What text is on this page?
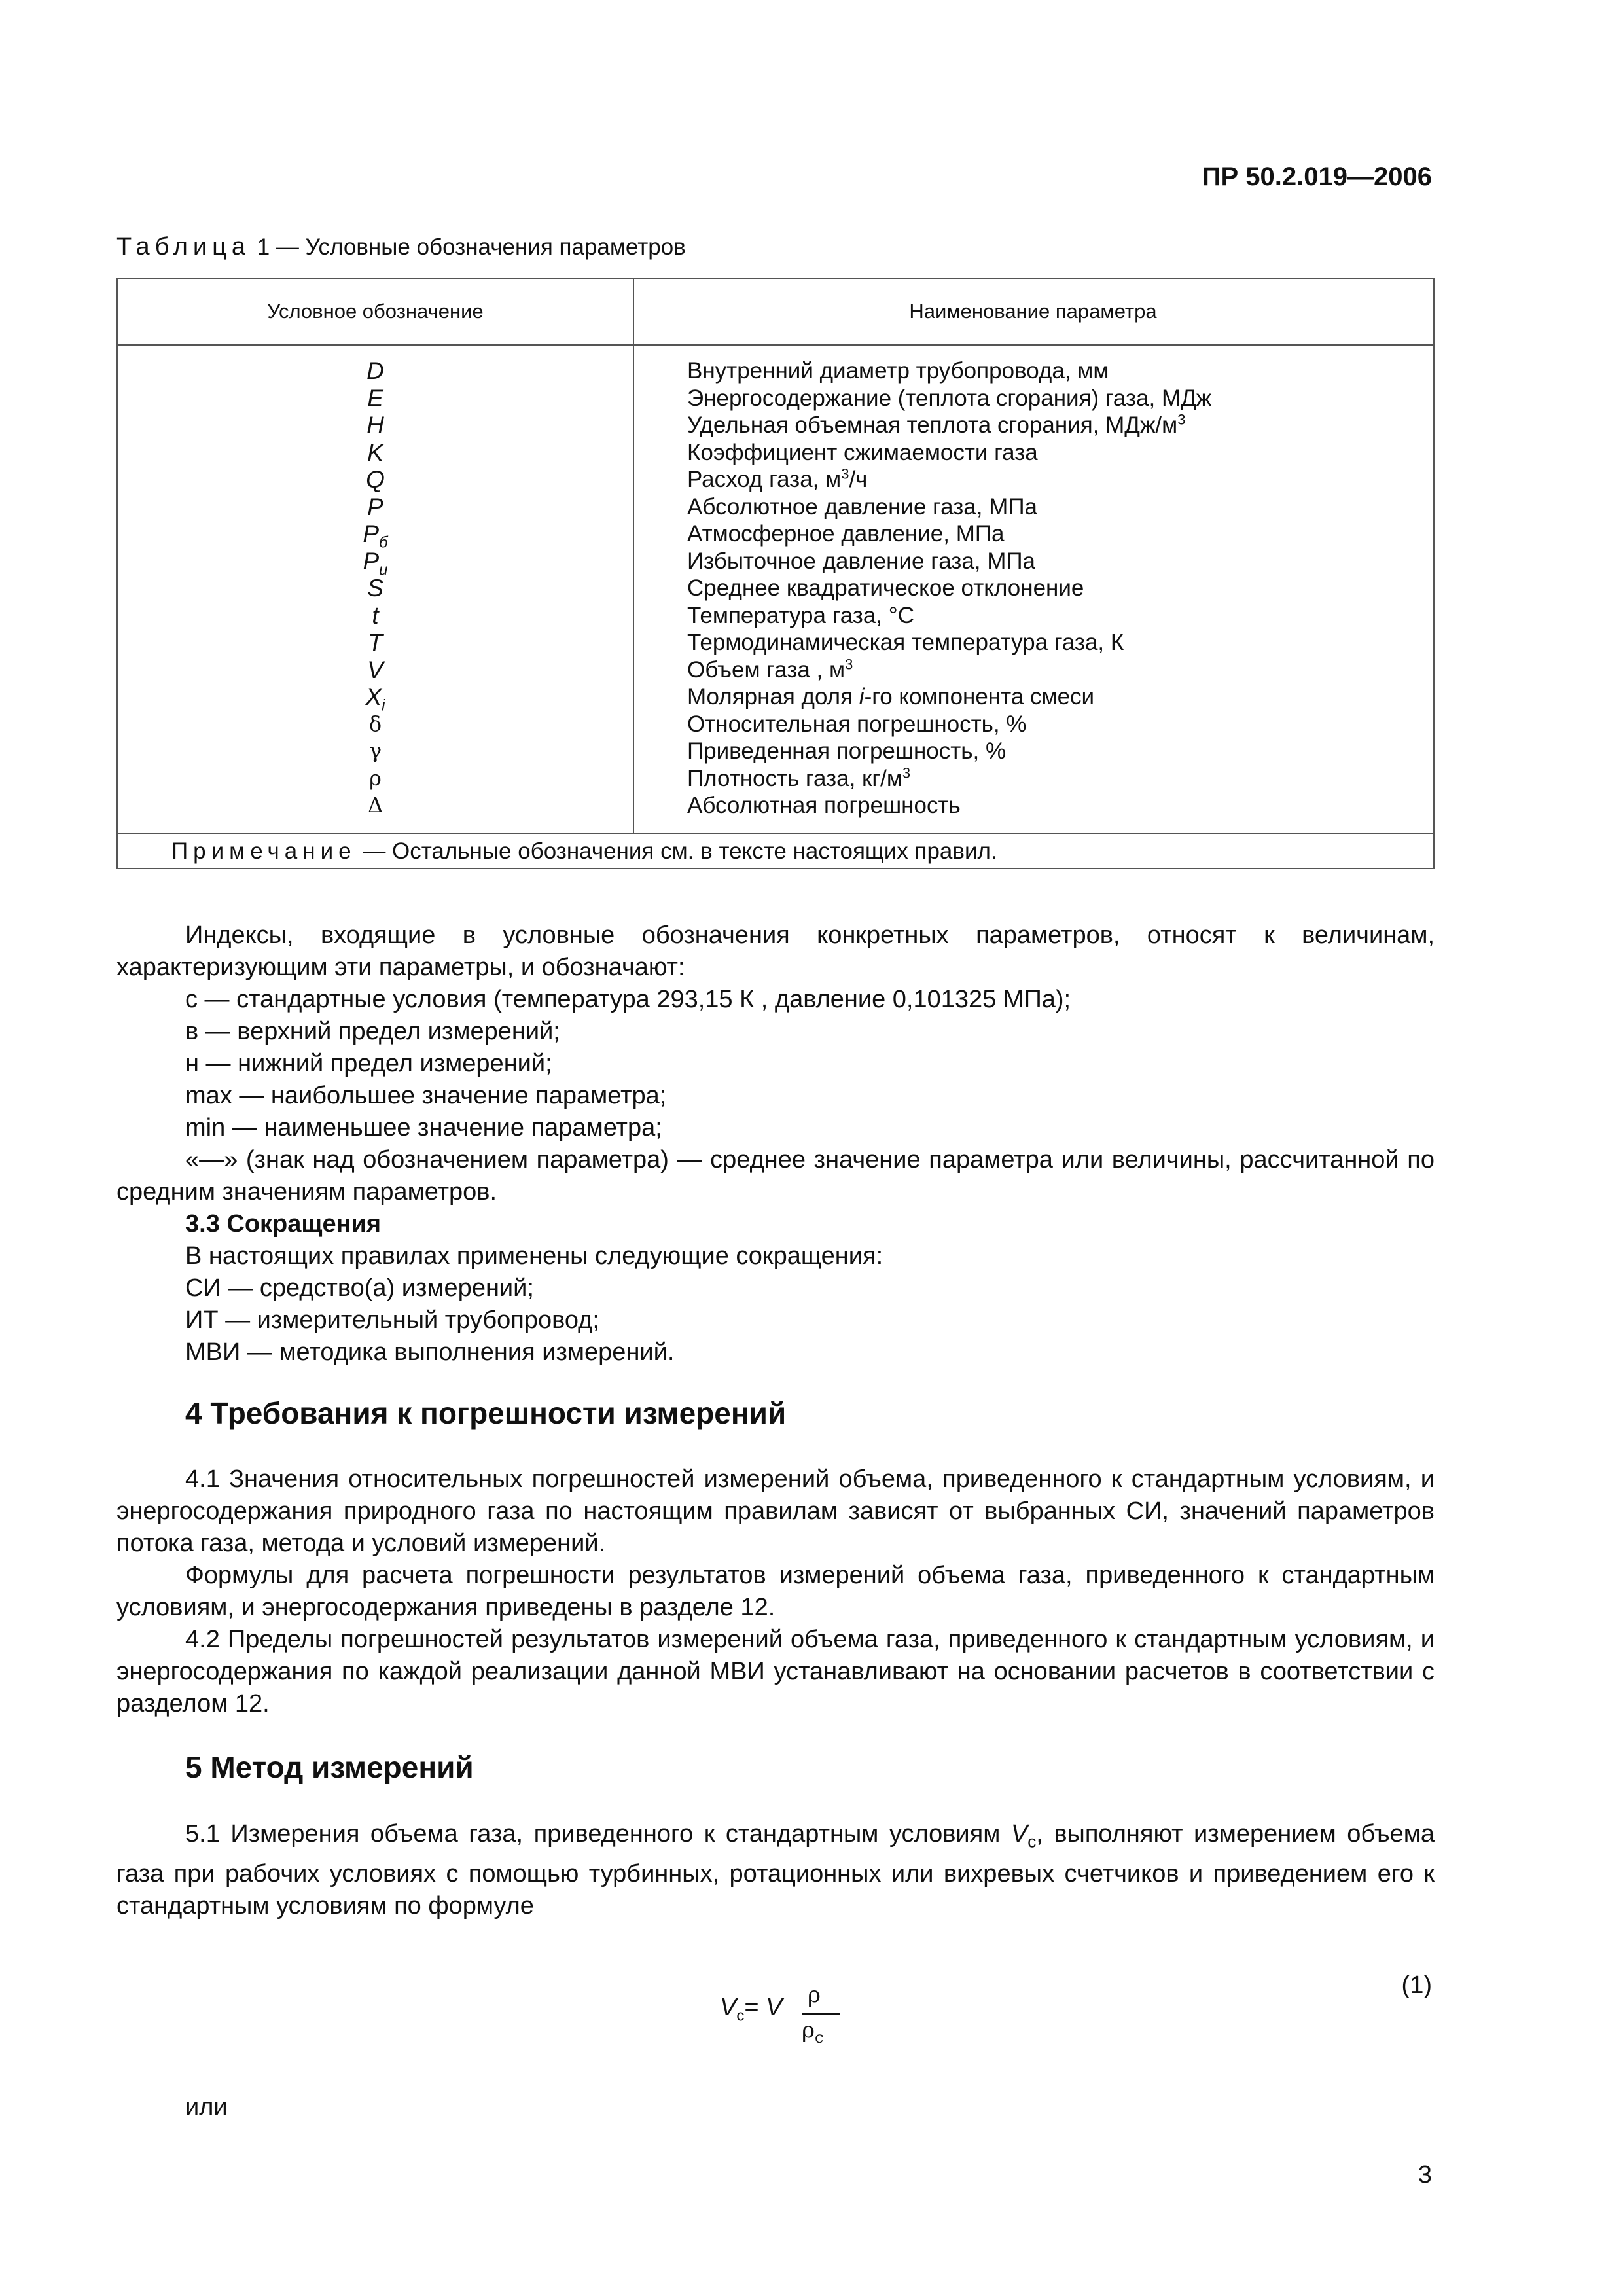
ПР 50.2.019—2006
Таблица 1 — Условные обозначения параметров
Условное обозначение	Наименование параметра
D	Внутренний диаметр трубопровода, мм
E	Энергосодержание (теплота сгорания) газа, МДж
H	Удельная объемная теплота сгорания, МДж/$м^3$
K	Коэффициент сжимаемости газа
Q	Расход газа, $м^3/ч$
P	Абсолютное давление газа, МПа
$P_б$	Атмосферное давление, МПа
$P_и$	Избыточное давление газа, МПа
S	Среднее квадратическое отклонение
t	Температура газа, °С
T	Термодинамическая температура газа, К
V	Объем газа , $м^3$
$X_i$	Молярная доля i-го компонента смеси
δ	Относительная погрешность, %
γ	Приведенная погрешность, %
ρ	Плотность газа, $кг/м^3$
Δ	Абсолютная погрешность
Примечание — Остальные обозначения см. в тексте настоящих правил.
Индексы, входящие в условные обозначения конкретных параметров, относят к величинам, характеризующим эти параметры, и обозначают:
с — стандартные условия (температура 293,15 К , давление 0,101325 МПа);
в — верхний предел измерений;
н — нижний предел измерений;
max — наибольшее значение параметра;
min — наименьшее значение параметра;
«—» (знак над обозначением параметра) — среднее значение параметра или величины, рассчитанной по средним значениям параметров.
3.3 Сокращения
В настоящих правилах применены следующие сокращения:
СИ — средство(а) измерений;
ИТ — измерительный трубопровод;
МВИ — методика выполнения измерений.
4 Требования к погрешности измерений
4.1 Значения относительных погрешностей измерений объема, приведенного к стандартным условиям, и энергосодержания природного газа по настоящим правилам зависят от выбранных СИ, значений параметров потока газа, метода и условий измерений.
Формулы для расчета погрешности результатов измерений объема газа, приведенного к стандартным условиям, и энергосодержания приведены в разделе 12.
4.2 Пределы погрешностей результатов измерений объема газа, приведенного к стандартным условиям, и энергосодержания по каждой реализации данной МВИ устанавливают на основании расчетов в соответствии с разделом 12.
5 Метод измерений
5.1 Измерения объема газа, приведенного к стандартным условиям $V_c$, выполняют измерением объема газа при рабочих условиях с помощью турбинных, ротационных или вихревых счетчиков и приведением его к стандартным условиям по формуле
$V_c= V$ ρ
$\rho_с$
(1)
или
3
